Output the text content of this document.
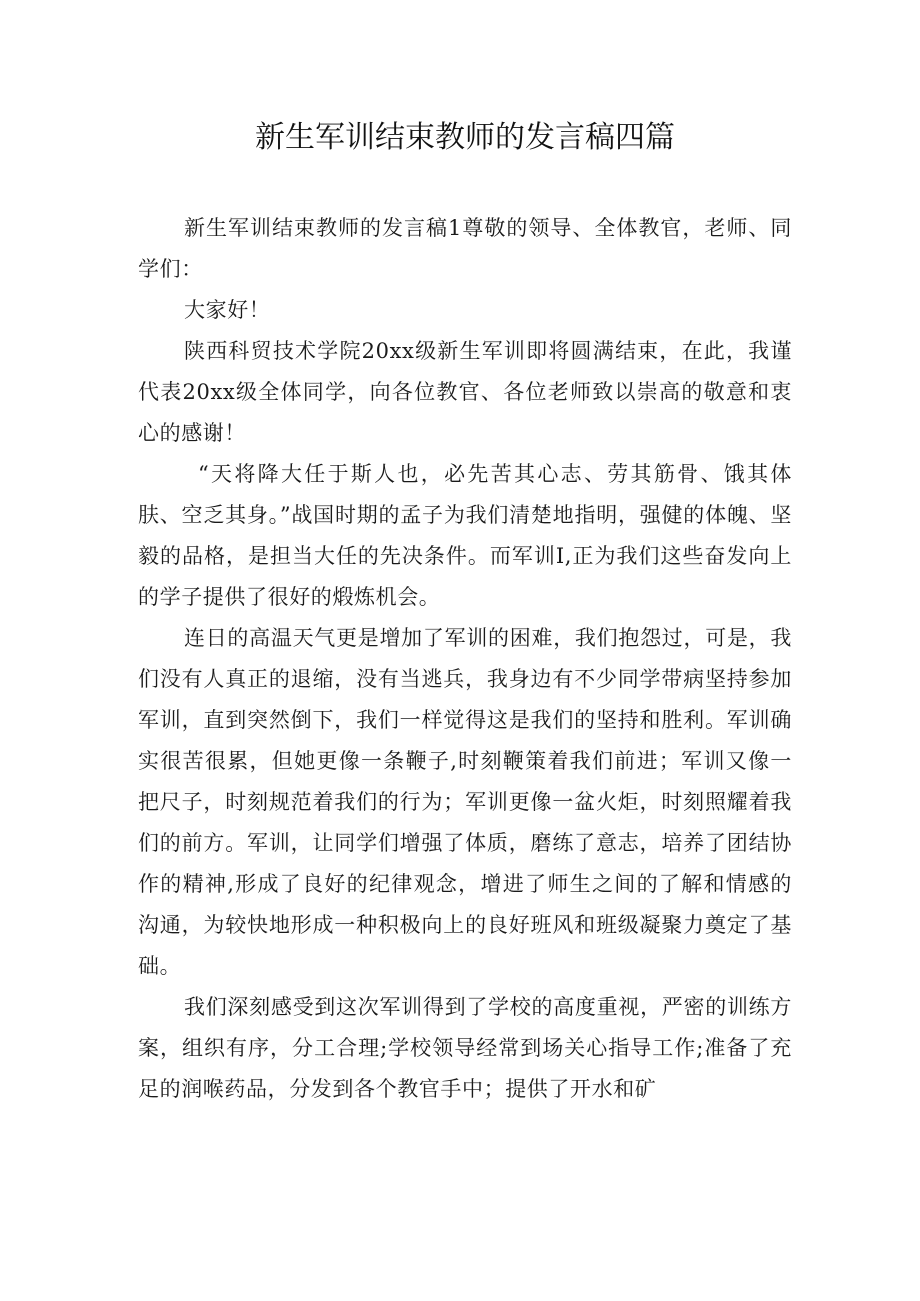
新生军训结束教师的发言稿四篇

新生军训结束教师的发言稿1尊敬的领导、全体教官，老师、同学们：

大家好！

陕西科贸技术学院20xx级新生军训即将圆满结束，在此，我谨代表20xx级全体同学，向各位教官、各位老师致以崇高的敬意和衷心的感谢！

“天将降大任于斯人也，必先苦其心志、劳其筋骨、饿其体肤、空乏其身。”战国时期的孟子为我们清楚地指明，强健的体魄、坚毅的品格，是担当大任的先决条件。而军训I,正为我们这些奋发向上的学子提供了很好的煅炼机会。

连日的高温天气更是增加了军训的困难，我们抱怨过，可是，我们没有人真正的退缩，没有当逃兵，我身边有不少同学带病坚持参加军训，直到突然倒下，我们一样觉得这是我们的坚持和胜利。军训确实很苦很累，但她更像一条鞭子,时刻鞭策着我们前进；军训又像一把尺子，时刻规范着我们的行为；军训更像一盆火炬，时刻照耀着我们的前方。军训，让同学们增强了体质，磨练了意志，培养了团结协作的精神,形成了良好的纪律观念，增进了师生之间的了解和情感的沟通，为较快地形成一种积极向上的良好班风和班级凝聚力奠定了基础。

我们深刻感受到这次军训得到了学校的高度重视，严密的训练方案，组织有序，分工合理;学校领导经常到场关心指导工作;准备了充足的润喉药品，分发到各个教官手中；提供了开水和矿
